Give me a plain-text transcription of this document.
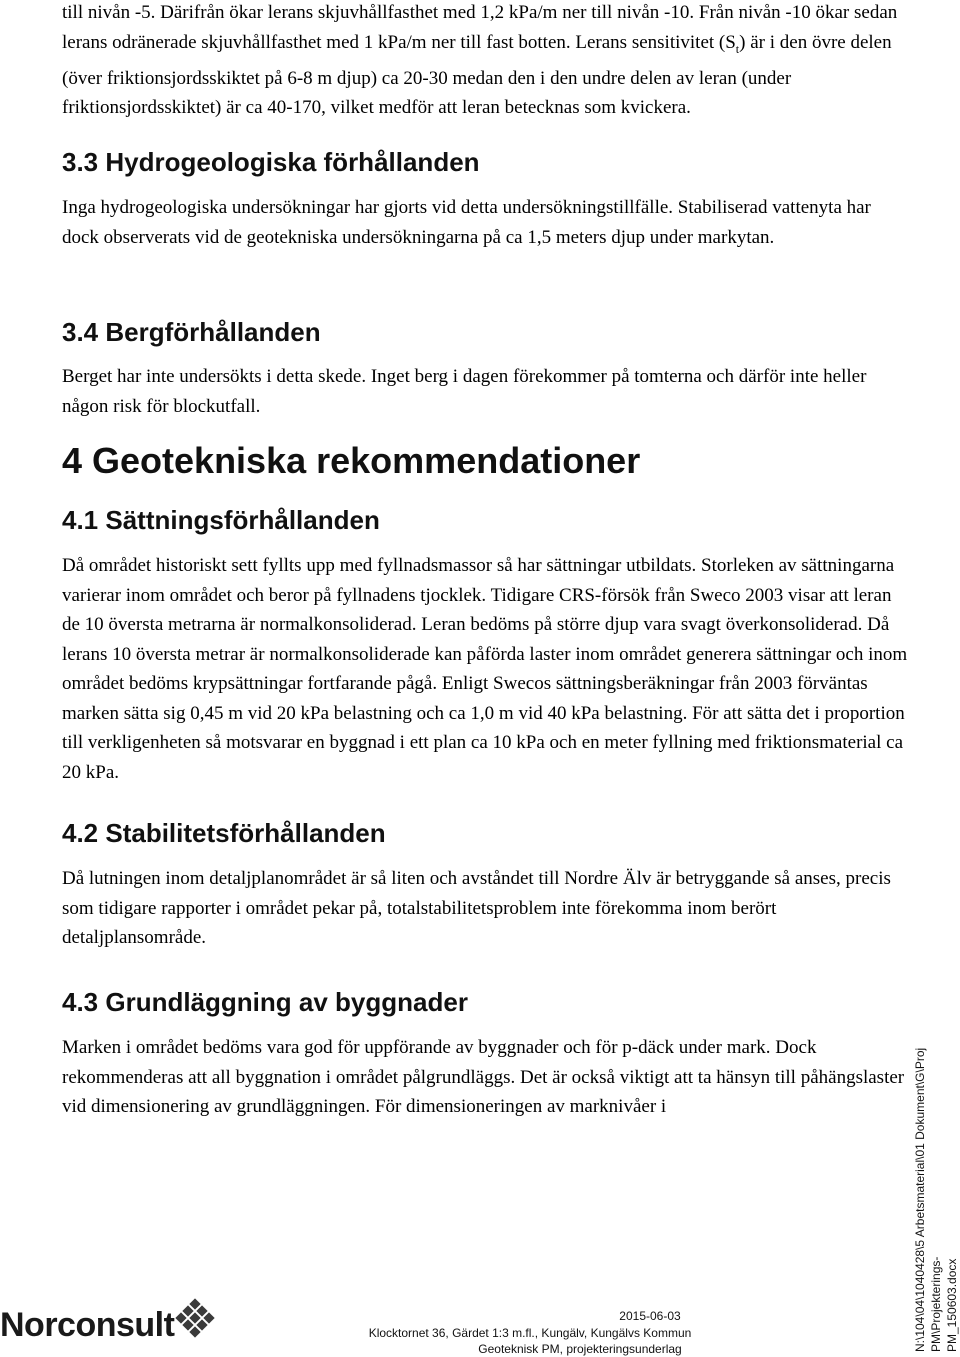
till nivån -5. Därifrån ökar lerans skjuvhållfasthet med 1,2 kPa/m ner till nivån -10. Från nivån -10 ökar sedan lerans odränerade skjuvhållfasthet med 1 kPa/m ner till fast botten. Lerans sensitivitet $(S_t)$ är i den övre delen (över friktionsjordsskiktet på 6-8 m djup) ca 20-30 medan den i den undre delen av leran (under friktionsjordsskiktet) är ca 40-170, vilket medför att leran betecknas som kvickera.

3.3 Hydrogeologiska förhållanden

Inga hydrogeologiska undersökningar har gjorts vid detta undersökningstillfälle. Stabiliserad vattenyta har dock observerats vid de geotekniska undersökningarna på ca 1,5 meters djup under markytan.

3.4 Bergförhållanden

Berget har inte undersökts i detta skede. Inget berg i dagen förekommer på tomterna och därför inte heller någon risk för blockutfall.

4 Geotekniska rekommendationer
4.1 Sättningsförhållanden

Då området historiskt sett fyllts upp med fyllnadsmassor så har sättningar utbildats. Storleken av sättningarna varierar inom området och beror på fyllnadens tjocklek. Tidigare CRS-försök från Sweco 2003 visar att leran de 10 översta metrarna är normalkonsoliderad. Leran bedöms på större djup vara svagt överkonsoliderad. Då lerans 10 översta metrar är normalkonsoliderade kan påförda laster inom området generera sättningar och inom området bedöms krypsättningar fortfarande pågå. Enligt Swecos sättningsberäkningar från 2003 förväntas marken sätta sig 0,45 m vid 20 kPa belastning och ca 1,0 m vid 40 kPa belastning. För att sätta det i proportion till verkligenheten så motsvarar en byggnad i ett plan ca 10 kPa och en meter fyllning med friktionsmaterial ca 20 kPa.

4.2 Stabilitetsförhållanden

Då lutningen inom detaljplanområdet är så liten och avståndet till Nordre Älv är betryggande så anses, precis som tidigare rapporter i området pekar på, totalstabilitetsproblem inte förekomma inom berört detaljplansområde.

4.3 Grundläggning av byggnader

Marken i området bedöms vara god för uppförande av byggnader och för p-däck under mark. Dock rekommenderas att all byggnation i området pålgrundläggs. Det är också viktigt att ta hänsyn till påhängslaster vid dimensionering av grundläggningen. För dimensioneringen av marknivåer i

Norconsult	2015-06-03
Klocktornet 36, Gärdet 1:3 m.fl., Kungälv, Kungälvs Kommun
Geoteknisk PM, projekteringsunderlag	N:\104\04\1040428\5 Arbetsmaterial\01 Dokument\G\Proj PM\Projekterings- PM_150603.docx
